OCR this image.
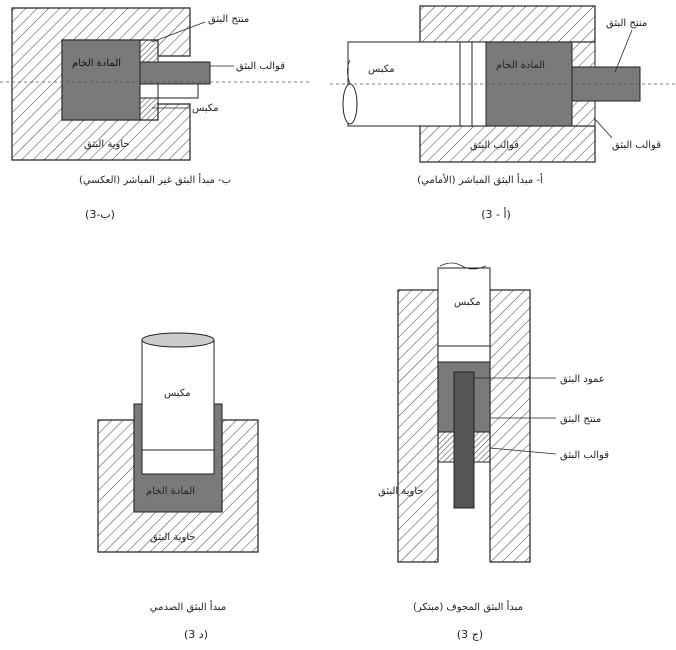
منتج البثق
المادة الخام	قوالب البثق
مكبس
حاوية البثق
ب- مبدأ البثق غير المباشر (العكسي)
(3-ب)
منتج البثق
مكبس	المادة الخام
قوالب البثق
قوالب البثق
أ- مبدأ البثق المباشر (الأمامي)
(3 - أ)
مكبس
المادة الخام
حاوية البثق
مبدأ البثق الصدمي
(3 د)
مكبس
عمود البثق
منتج البثق
قوالب البثق
حاوية البثق
مبدأ البثق المجوف (مبتكر)
(3 ج)
